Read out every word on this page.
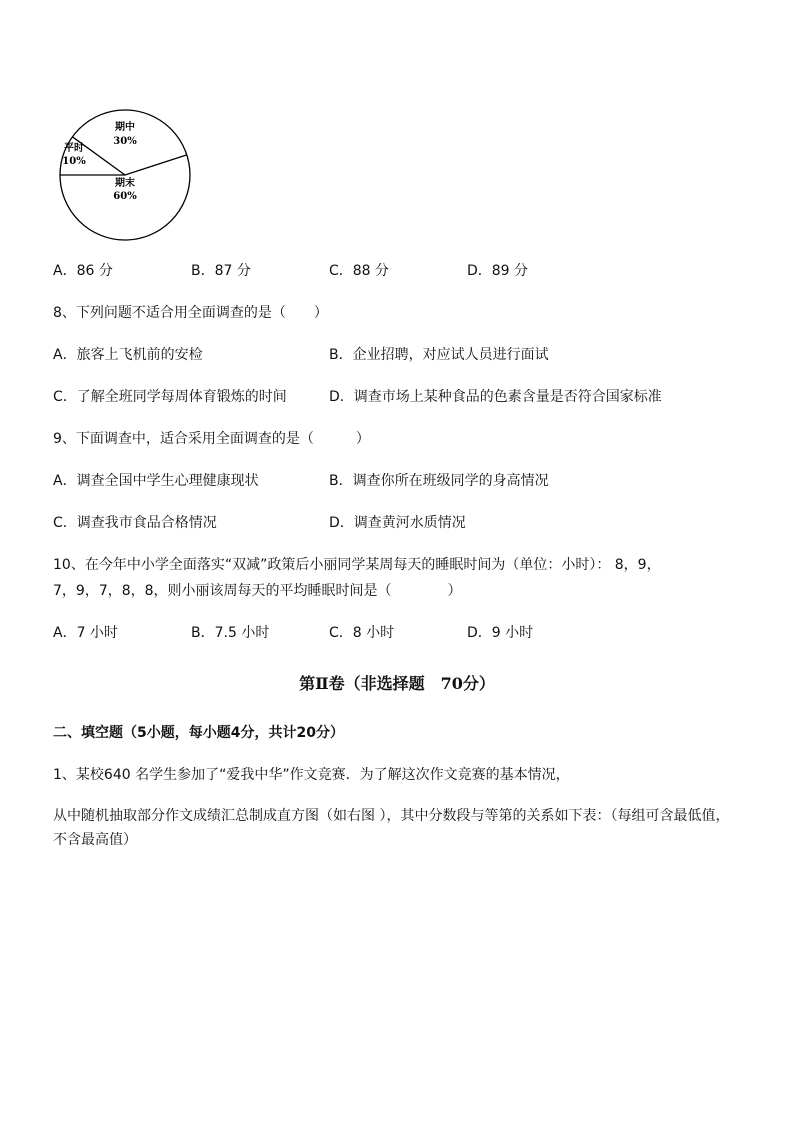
期中
30%
平时
10%
期末
60%
A．86 分	B．87 分	C．88 分	D．89 分
8、下列问题不适合用全面调查的是（　　）
A．旅客上飞机前的安检	B．企业招聘，对应试人员进行面试
C．了解全班同学每周体育锻炼的时间	D．调查市场上某种食品的色素含量是否符合国家标准
9、下面调查中，适合采用全面调查的是（　　　）
A．调查全国中学生心理健康现状	B．调查你所在班级同学的身高情况
C．调查我市食品合格情况	D．调查黄河水质情况
10、在今年中小学全面落实“双减”政策后小丽同学某周每天的睡眠时间为（单位：小时）： 8，9，
7，9，7，8，8，则小丽该周每天的平均睡眠时间是（　　　　）
A．7 小时	B．7.5 小时	C．8 小时	D．9 小时
第Ⅱ卷（非选择题　70分）
二、填空题（5小题，每小题4分，共计20分）
1、某校640 名学生参加了“爱我中华”作文竞赛．为了解这次作文竞赛的基本情况，
从中随机抽取部分作文成绩汇总制成直方图（如右图 ），其中分数段与等第的关系如下表：（每组可含最低值，不含最高值）
